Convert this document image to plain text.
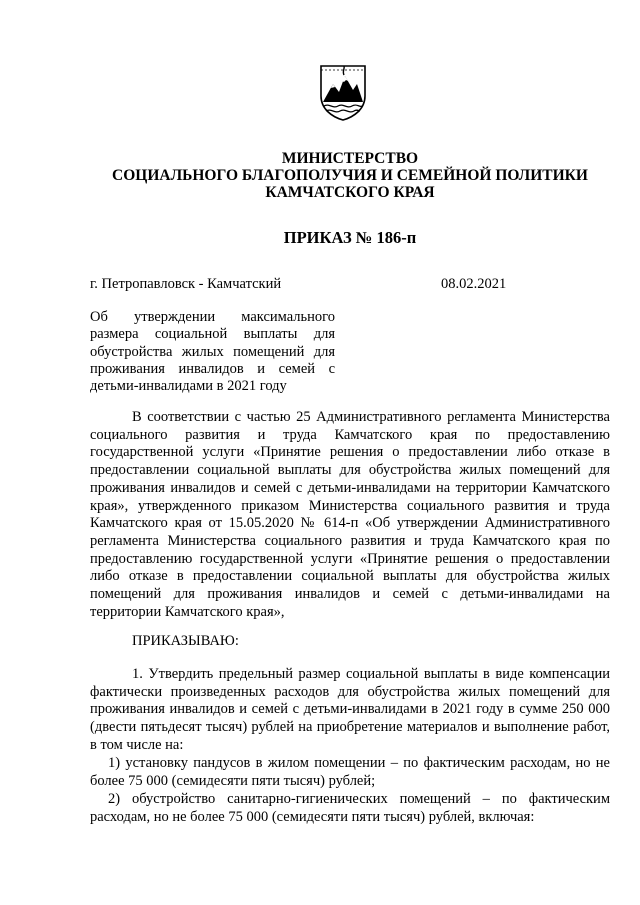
МИНИСТЕРСТВО
СОЦИАЛЬНОГО БЛАГОПОЛУЧИЯ И СЕМЕЙНОЙ ПОЛИТИКИ
КАМЧАТСКОГО КРАЯ
ПРИКАЗ № 186-п
г. Петропавловск - Камчатский	08.02.2021
Об утверждении максимального размера социальной выплаты для обустройства жилых помещений для проживания инвалидов и семей с детьми-инвалидами в 2021 году
В соответствии с частью 25 Административного регламента Министерства социального развития и труда Камчатского края по предоставлению государственной услуги «Принятие решения о предоставлении либо отказе в предоставлении социальной выплаты для обустройства жилых помещений для проживания инвалидов и семей с детьми-инвалидами на территории Камчатского края», утвержденного приказом Министерства социального развития и труда Камчатского края от 15.05.2020 № 614-п «Об утверждении Административного регламента Министерства социального развития и труда Камчатского края по предоставлению государственной услуги «Принятие решения о предоставлении либо отказе в предоставлении социальной выплаты для обустройства жилых помещений для проживания инвалидов и семей с детьми-инвалидами на территории Камчатского края»,
ПРИКАЗЫВАЮ:
1. Утвердить предельный размер социальной выплаты в виде компенсации фактически произведенных расходов для обустройства жилых помещений для проживания инвалидов и семей с детьми-инвалидами в 2021 году в сумме 250 000 (двести пятьдесят тысяч) рублей на приобретение материалов и выполнение работ, в том числе на:
1) установку пандусов в жилом помещении – по фактическим расходам, но не более 75 000 (семидесяти пяти тысяч) рублей;
2) обустройство санитарно-гигиенических помещений – по фактическим расходам, но не более 75 000 (семидесяти пяти тысяч) рублей, включая:
